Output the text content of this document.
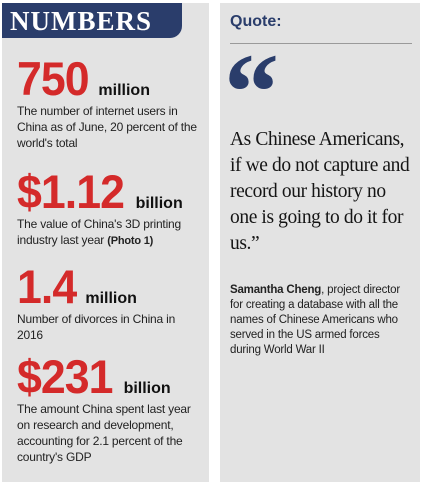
NUMBERS
750 million
The number of internet users in China as of June, 20 percent of the world's total
$1.12 billion
The value of China's 3D printing industry last year (Photo 1)
1.4 million
Number of divorces in China in 2016
$231 billion
The amount China spent last year on research and development, accounting for 2.1 percent of the country's GDP
Quote:
“
As Chinese Americans, if we do not capture and record our history no one is going to do it for us.”
Samantha Cheng, project director for creating a database with all the names of Chinese Americans who served in the US armed forces during World War II
